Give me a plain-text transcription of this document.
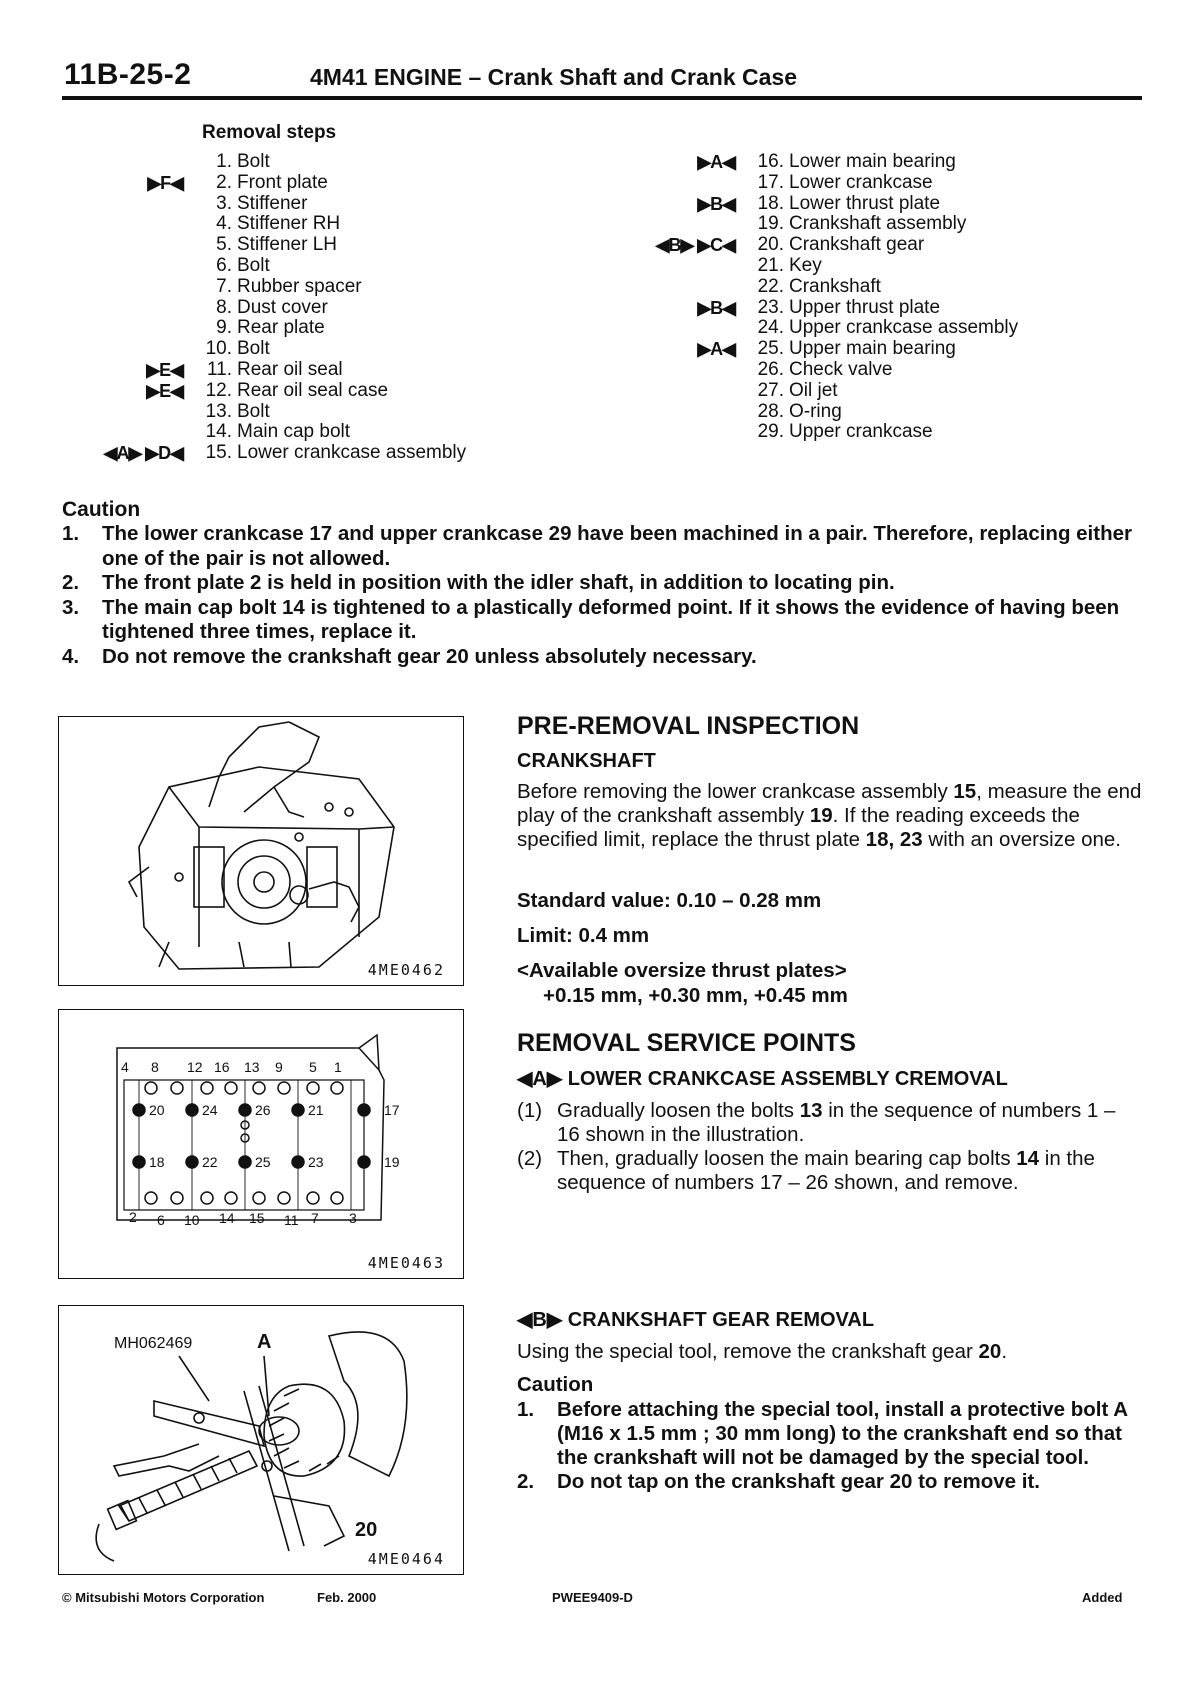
11B-25-2	4M41 ENGINE – Crank Shaft and Crank Case
Removal steps
1. Bolt
▶F◀	2. Front plate
3. Stiffener
4. Stiffener RH
5. Stiffener LH
6. Bolt
7. Rubber spacer
8. Dust cover
9. Rear plate
10. Bolt
▶E◀	11. Rear oil seal
▶E◀	12. Rear oil seal case
13. Bolt
14. Main cap bolt
◀A▶ ▶D◀	15. Lower crankcase assembly
▶A◀	16. Lower main bearing
17. Lower crankcase
▶B◀	18. Lower thrust plate
19. Crankshaft assembly
◀B▶ ▶C◀	20. Crankshaft gear
21. Key
22. Crankshaft
▶B◀	23. Upper thrust plate
24. Upper crankcase assembly
▶A◀	25. Upper main bearing
26. Check valve
27. Oil jet
28. O-ring
29. Upper crankcase
Caution
1. The lower crankcase 17 and upper crankcase 29 have been machined in a pair. Therefore, replacing either one of the pair is not allowed.
2. The front plate 2 is held in position with the idler shaft, in addition to locating pin.
3. The main cap bolt 14 is tightened to a plastically deformed point. If it shows the evidence of having been tightened three times, replace it.
4. Do not remove the crankshaft gear 20 unless absolutely necessary.
4ME0462
4 8 12 16 13 9 5 1
20	24	26	21	17
18	22	25	23	19
2 6 10 14 15 11 7 3
4ME0463
MH062469	A
20
4ME0464
PRE-REMOVAL INSPECTION
CRANKSHAFT
Before removing the lower crankcase assembly 15, measure the end play of the crankshaft assembly 19. If the reading exceeds the specified limit, replace the thrust plate 18, 23 with an oversize one.
Standard value: 0.10 – 0.28 mm
Limit: 0.4 mm
<Available oversize thrust plates>
+0.15 mm, +0.30 mm, +0.45 mm
REMOVAL SERVICE POINTS
◀A▶ LOWER CRANKCASE ASSEMBLY CREMOVAL
(1) Gradually loosen the bolts 13 in the sequence of numbers 1 – 16 shown in the illustration.
(2) Then, gradually loosen the main bearing cap bolts 14 in the sequence of numbers 17 – 26 shown, and remove.
◀B▶ CRANKSHAFT GEAR REMOVAL
Using the special tool, remove the crankshaft gear 20.
Caution
1. Before attaching the special tool, install a protective bolt A (M16 x 1.5 mm ; 30 mm long) to the crankshaft end so that the crankshaft will not be damaged by the special tool.
2. Do not tap on the crankshaft gear 20 to remove it.
© Mitsubishi Motors Corporation	Feb. 2000	PWEE9409-D	Added
